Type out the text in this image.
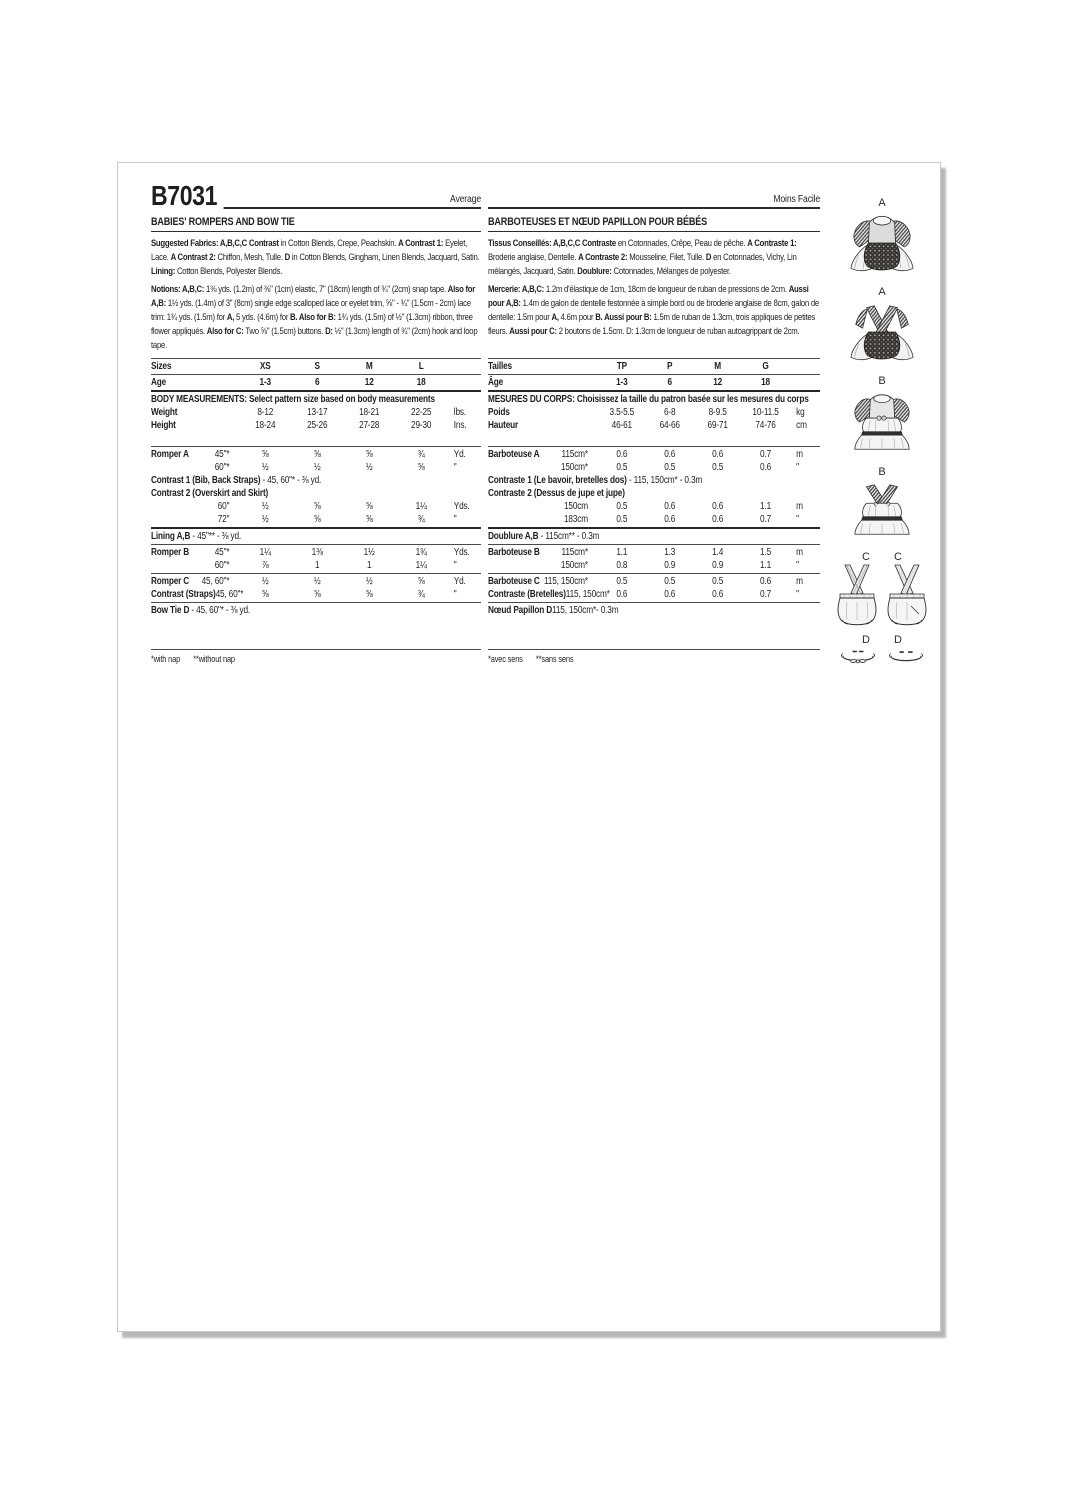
B7031	Average
BABIES' ROMPERS AND BOW TIE
Suggested Fabrics: A,B,C,C Contrast in Cotton Blends, Crepe, Peachskin. A Contrast 1: Eyelet, Lace. A Contrast 2: Chiffon, Mesh, Tulle. D in Cotton Blends, Gingham, Linen Blends, Jacquard, Satin. Lining: Cotton Blends, Polyester Blends.
Notions: A,B,C: 1⅜ yds. (1.2m) of ⅜" (1cm) elastic, 7" (18cm) length of ¾" (2cm) snap tape. Also for A,B: 1½ yds. (1.4m) of 3" (8cm) single edge scalloped lace or eyelet trim, ⅝" - ¾" (1.5cm - 2cm) lace trim: 1¾ yds. (1.5m) for A, 5 yds. (4.6m) for B. Also for B: 1¾ yds. (1.5m) of ½" (1.3cm) ribbon, three flower appliqués. Also for C: Two ⅝" (1.5cm) buttons. D: ½" (1.3cm) length of ¾" (2cm) hook and loop tape.
Sizes	XS	S	M	L
Age	1-3	6	12	18
BODY MEASUREMENTS: Select pattern size based on body measurements
Weight	8-12	13-17	18-21	22-25	lbs.
Height	18-24	25-26	27-28	29-30	Ins.
Romper A	45"*	⅝	⅝	⅝	¾	Yd.
60"*	½	½	½	⅝	"
Contrast 1 (Bib, Back Straps) - 45, 60"* - ⅜ yd.
Contrast 2 (Overskirt and Skirt)
60"	½	⅝	⅝	1¼	Yds.
72"	½	⅝	⅝	¾	"
Lining A,B - 45"** - ⅜ yd.
Romper B	45"*	1¼	1⅜	1½	1¾	Yds.
60"*	⅞	1	1	1¼	"
Romper C 45, 60"*	½	½	½	⅝	Yd.
Contrast (Straps) 45, 60"*	⅝	⅝	⅝	¾	"
Bow Tie D - 45, 60"* - ⅜ yd.
*with nap **without nap
Moins Facile
BARBOTEUSES ET NŒUD PAPILLON POUR BÉBÉS
Tissus Conseillés: A,B,C,C Contraste en Cotonnades, Crêpe, Peau de pêche. A Contraste 1: Broderie anglaise, Dentelle. A Contraste 2: Mousseline, Filet, Tulle. D en Cotonnades, Vichy, Lin mélangés, Jacquard, Satin. Doublure: Cotonnades, Mélanges de polyester.
Mercerie: A,B,C: 1.2m d'élastique de 1cm, 18cm de longueur de ruban de pressions de 2cm. Aussi pour A,B: 1.4m de galon de dentelle festonnée à simple bord ou de broderie anglaise de 8cm, galon de dentelle: 1.5m pour A, 4.6m pour B. Aussi pour B: 1.5m de ruban de 1.3cm, trois appliques de petites fleurs. Aussi pour C: 2 boutons de 1.5cm. D: 1.3cm de longueur de ruban autoagrippant de 2cm.
Tailles	TP	P	M	G
Âge	1-3	6	12	18
MESURES DU CORPS: Choisissez la taille du patron basée sur les mesures du corps
Poids	3.5-5.5	6-8	8-9.5	10-11.5	kg
Hauteur	46-61	64-66	69-71	74-76	cm
Barboteuse A 115cm*	0.6	0.6	0.6	0.7	m
150cm*	0.5	0.5	0.5	0.6	"
Contraste 1 (Le bavoir, bretelles dos) - 115, 150cm* - 0.3m
Contraste 2 (Dessus de jupe et jupe)
150cm	0.5	0.6	0.6	1.1	m
183cm	0.5	0.6	0.6	0.7	"
Doublure A,B - 115cm** - 0.3m
Barboteuse B 115cm*	1.1	1.3	1.4	1.5	m
150cm*	0.8	0.9	0.9	1.1	"
Barboteuse C 115, 150cm*	0.5	0.5	0.5	0.6	m
Contraste (Bretelles) 115, 150cm* 0.6	0.6	0.6	0.7	"
Nœud Papillon D 115, 150cm*- 0.3m
*avec sens **sans sens
A
A
B
B
C C
D D
